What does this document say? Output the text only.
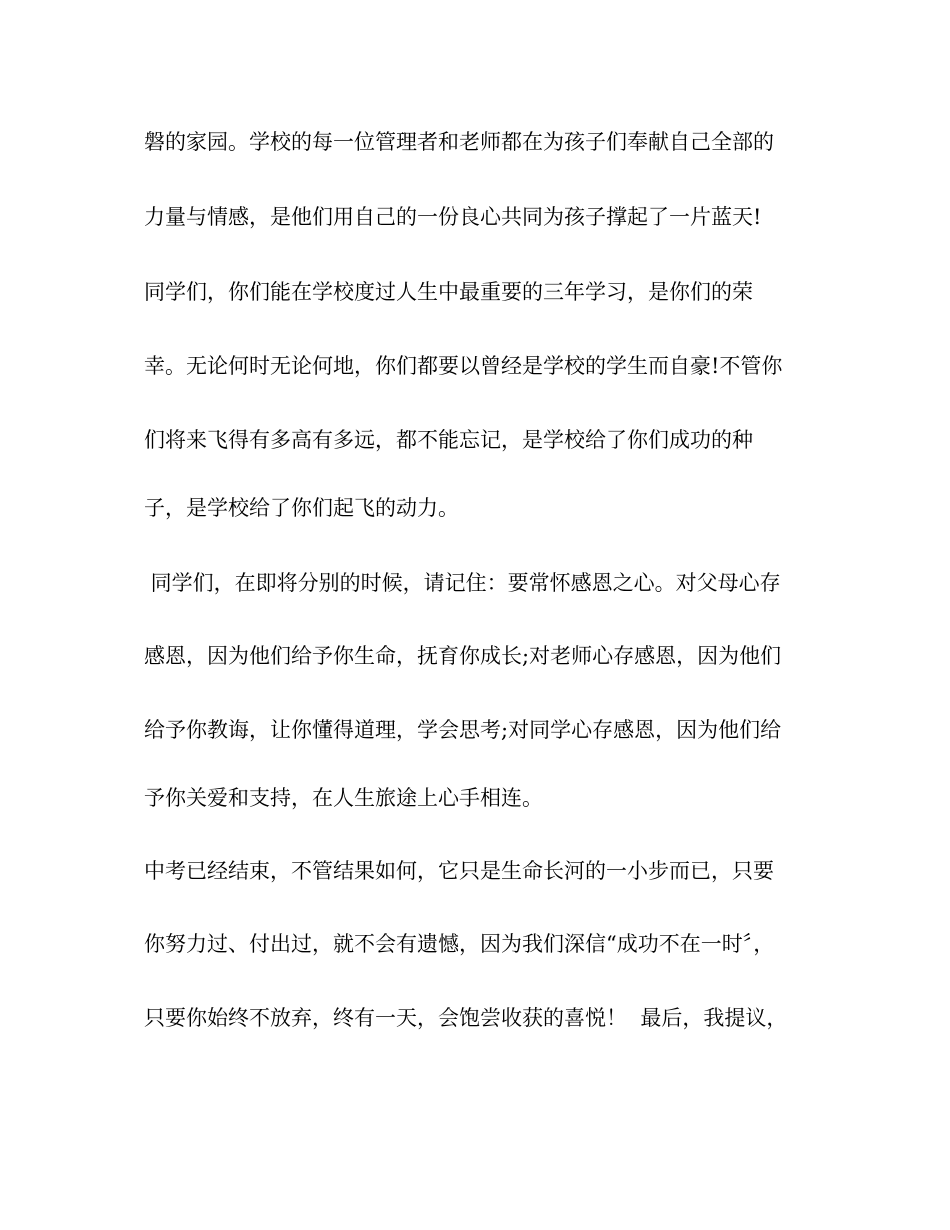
磐的家园。学校的每一位管理者和老师都在为孩子们奉献自己全部的
力量与情感，是他们用自己的一份良心共同为孩子撑起了一片蓝天!
同学们，你们能在学校度过人生中最重要的三年学习，是你们的荣
幸。无论何时无论何地，你们都要以曾经是学校的学生而自豪!不管你
们将来飞得有多高有多远，都不能忘记，是学校给了你们成功的种
子，是学校给了你们起飞的动力。
同学们，在即将分别的时候，请记住：要常怀感恩之心。对父母心存
感恩，因为他们给予你生命，抚育你成长;对老师心存感恩，因为他们
给予你教诲，让你懂得道理，学会思考;对同学心存感恩，因为他们给
予你关爱和支持，在人生旅途上心手相连。
中考已经结束，不管结果如何，它只是生命长河的一小步而已，只要
你努力过、付出过，就不会有遗憾，因为我们深信“成功不在一时〞，
只要你始终不放弃，终有一天，会饱尝收获的喜悦！  最后，我提议，
